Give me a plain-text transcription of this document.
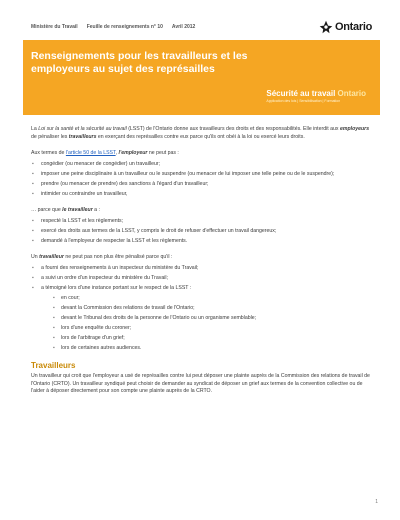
Ministère du Travail Feuille de renseignements n° 10 Avril 2012	Ontario
Renseignements pour les travailleurs et les employeurs au sujet des représailles
Sécurité au travail Ontario
Application des lois | Sensibilisation | Formation

La Loi sur la santé et la sécurité au travail (LSST) de l'Ontario donne aux travailleurs des droits et des responsabilités. Elle interdit aux employeurs de pénaliser les travailleurs en exerçant des représailles contre eux parce qu'ils ont obéi à la loi ou exercé leurs droits.

Aux termes de l'article 50 de la LSST, l'employeur ne peut pas :

▪ congédier (ou menacer de congédier) un travailleur;
▪ imposer une peine disciplinaire à un travailleur ou le suspendre (ou menacer de lui imposer une telle peine ou de le suspendre);
▪ prendre (ou menacer de prendre) des sanctions à l'égard d'un travailleur;
▪ intimider ou contraindre un travailleur,

… parce que le travailleur a :

▪ respecté la LSST et les règlements;
▪ exercé des droits aux termes de la LSST, y compris le droit de refuser d'effectuer un travail dangereux;
▪ demandé à l'employeur de respecter la LSST et les règlements.

Un travailleur ne peut pas non plus être pénalisé parce qu'il :

▪ a fourni des renseignements à un inspecteur du ministère du Travail;
▪ a suivi un ordre d'un inspecteur du ministère du Travail;
▪ a témoigné lors d'une instance portant sur le respect de la LSST :
▪ en cour;
▪ devant la Commission des relations de travail de l'Ontario;
▪ devant le Tribunal des droits de la personne de l'Ontario ou un organisme semblable;
▪ lors d'une enquête du coroner;
▪ lors de l'arbitrage d'un grief;
▪ lors de certaines autres audiences.
Travailleurs

Un travailleur qui croit que l'employeur a usé de représailles contre lui peut déposer une plainte auprès de la Commission des relations de travail de l'Ontario (CRTO). Un travailleur syndiqué peut choisir de demander au syndicat de déposer un grief aux termes de la convention collective ou de l'aider à déposer directement pour son compte une plainte auprès de la CRTO.

1
